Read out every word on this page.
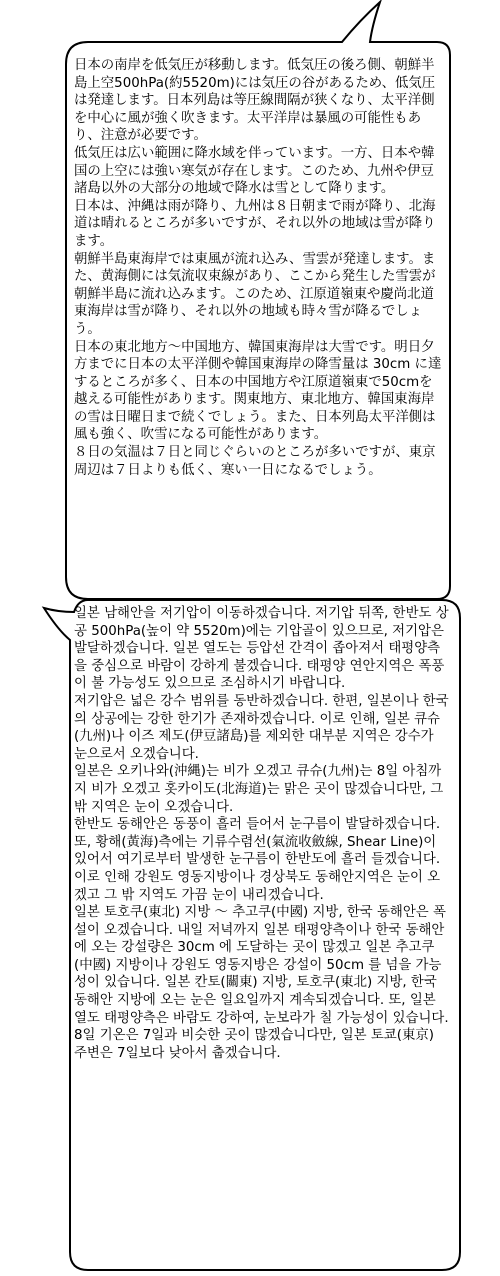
日本の南岸を低気圧が移動します。低気圧の後ろ側、朝鮮半島上空500hPa(約5520m)には気圧の谷があるため、低気圧は発達します。日本列島は等圧線間隔が狭くなり、太平洋側を中心に風が強く吹きます。太平洋岸は暴風の可能性もあり、注意が必要です。

低気圧は広い範囲に降水域を伴っています。一方、日本や韓国の上空には強い寒気が存在します。このため、九州や伊豆諸島以外の大部分の地域で降水は雪として降ります。

日本は、沖縄は雨が降り、九州は８日朝まで雨が降り、北海道は晴れるところが多いですが、それ以外の地域は雪が降ります。

朝鮮半島東海岸では東風が流れ込み、雪雲が発達します。また、黄海側には気流収束線があり、ここから発生した雪雲が朝鮮半島に流れ込みます。このため、江原道嶺東や慶尚北道東海岸は雪が降り、それ以外の地域も時々雪が降るでしょう。

日本の東北地方～中国地方、韓国東海岸は大雪です。明日夕方までに日本の太平洋側や韓国東海岸の降雪量は 30cm に達するところが多く、日本の中国地方や江原道嶺東で50cmを越える可能性があります。関東地方、東北地方、韓国東海岸の雪は日曜日まで続くでしょう。また、日本列島太平洋側は風も強く、吹雪になる可能性があります。

８日の気温は７日と同じぐらいのところが多いですが、東京周辺は７日よりも低く、寒い一日になるでしょう。

일본 남해안을 저기압이 이동하겠습니다. 저기압 뒤쪽, 한반도 상공 500hPa(높이 약 5520m)에는 기압골이 있으므로, 저기압은 발달하겠습니다. 일본 열도는 등압선 간격이 좁아져서 태평양측을 중심으로 바람이 강하게 불겠습니다. 태평양 연안지역은 폭풍이 불 가능성도 있으므로 조심하시기 바랍니다.

저기압은 넓은 강수 범위를 동반하겠습니다. 한편, 일본이나 한국의 상공에는 강한 한기가 존재하겠습니다. 이로 인해, 일본 큐슈(九州)나 이즈 제도(伊豆諸島)를 제외한 대부분 지역은 강수가 눈으로서 오겠습니다.

일본은 오키나와(沖縄)는 비가 오겠고 큐슈(九州)는 8일 아침까지 비가 오겠고 홋카이도(北海道)는 맑은 곳이 많겠습니다만, 그 밖 지역은 눈이 오겠습니다.

한반도 동해안은 동풍이 흘러 들어서 눈구름이 발달하겠습니다. 또, 황해(黃海)측에는 기류수렴선(氣流收斂線, Shear Line)이 있어서 여기로부터 발생한 눈구름이 한반도에 흘러 들겠습니다. 이로 인해 강원도 영동지방이나 경상북도 동해안지역은 눈이 오겠고 그 밖 지역도 가끔 눈이 내리겠습니다.

일본 토호쿠(東北) 지방 ～ 추고쿠(中國) 지방, 한국 동해안은 폭설이 오겠습니다. 내일 저녁까지 일본 태평양측이나 한국 동해안에 오는 강설량은 30cm 에 도달하는 곳이 많겠고 일본 추고쿠(中國) 지방이나 강원도 영동지방은 강설이 50cm 를 넘을 가능성이 있습니다. 일본 칸토(關東) 지방, 토호쿠(東北) 지방, 한국 동해안 지방에 오는 눈은 일요일까지 계속되겠습니다. 또, 일본 열도 태평양측은 바람도 강하여, 눈보라가 칠 가능성이 있습니다.

8일 기온은 7일과 비슷한 곳이 많겠습니다만, 일본 토쿄(東京) 주변은 7일보다 낮아서 춥겠습니다.
